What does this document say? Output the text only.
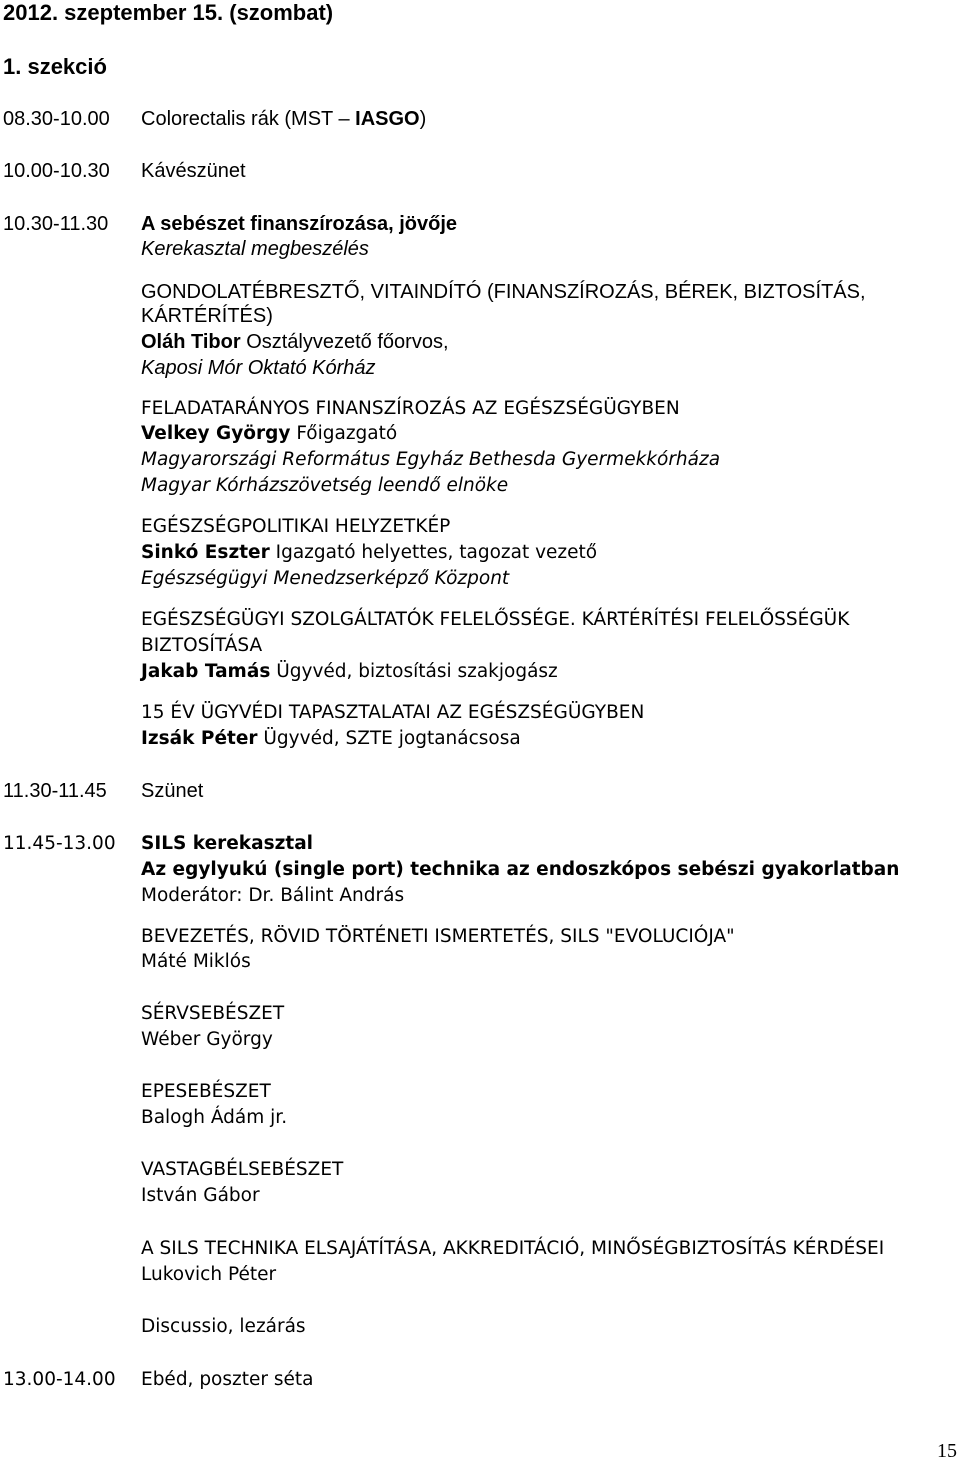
2012. szeptember 15. (szombat)
1. szekció
08.30-10.00 Colorectalis rák (MST – IASGO)
10.00-10.30 Kávészünet
10.30-11.30 A sebészet finanszírozása, jövője
Kerekasztal megbeszélés
GONDOLATÉBRESZTŐ, VITAINDÍTÓ (FINANSZÍROZÁS, BÉREK, BIZTOSÍTÁS,
KÁRTÉRÍTÉS)
Oláh Tibor Osztályvezető főorvos,
Kaposi Mór Oktató Kórház
FELADATARÁNYOS FINANSZÍROZÁS AZ EGÉSZSÉGÜGYBEN
Velkey György Főigazgató
Magyarországi Református Egyház Bethesda Gyermekkórháza
Magyar Kórházszövetség leendő elnöke
EGÉSZSÉGPOLITIKAI HELYZETKÉP
Sinkó Eszter Igazgató helyettes, tagozat vezető
Egészségügyi Menedzserképző Központ
EGÉSZSÉGÜGYI SZOLGÁLTATÓK FELELŐSSÉGE. KÁRTÉRÍTÉSI FELELŐSSÉGÜK
BIZTOSÍTÁSA
Jakab Tamás Ügyvéd, biztosítási szakjogász
15 ÉV ÜGYVÉDI TAPASZTALATAI AZ EGÉSZSÉGÜGYBEN
Izsák Péter Ügyvéd, SZTE jogtanácsosa
11.30-11.45 Szünet
11.45-13.00 SILS kerekasztal
Az egylyukú (single port) technika az endoszkópos sebészi gyakorlatban
Moderátor: Dr. Bálint András
BEVEZETÉS, RÖVID TÖRTÉNETI ISMERTETÉS, SILS "EVOLUCIÓJA"
Máté Miklós
SÉRVSEBÉSZET
Wéber György
EPESEBÉSZET
Balogh Ádám jr.
VASTAGBÉLSEBÉSZET
István Gábor
A SILS TECHNIKA ELSAJÁTÍTÁSA, AKKREDITÁCIÓ, MINŐSÉGBIZTOSÍTÁS KÉRDÉSEI
Lukovich Péter
Discussio, lezárás
13.00-14.00 Ebéd, poszter séta
15
